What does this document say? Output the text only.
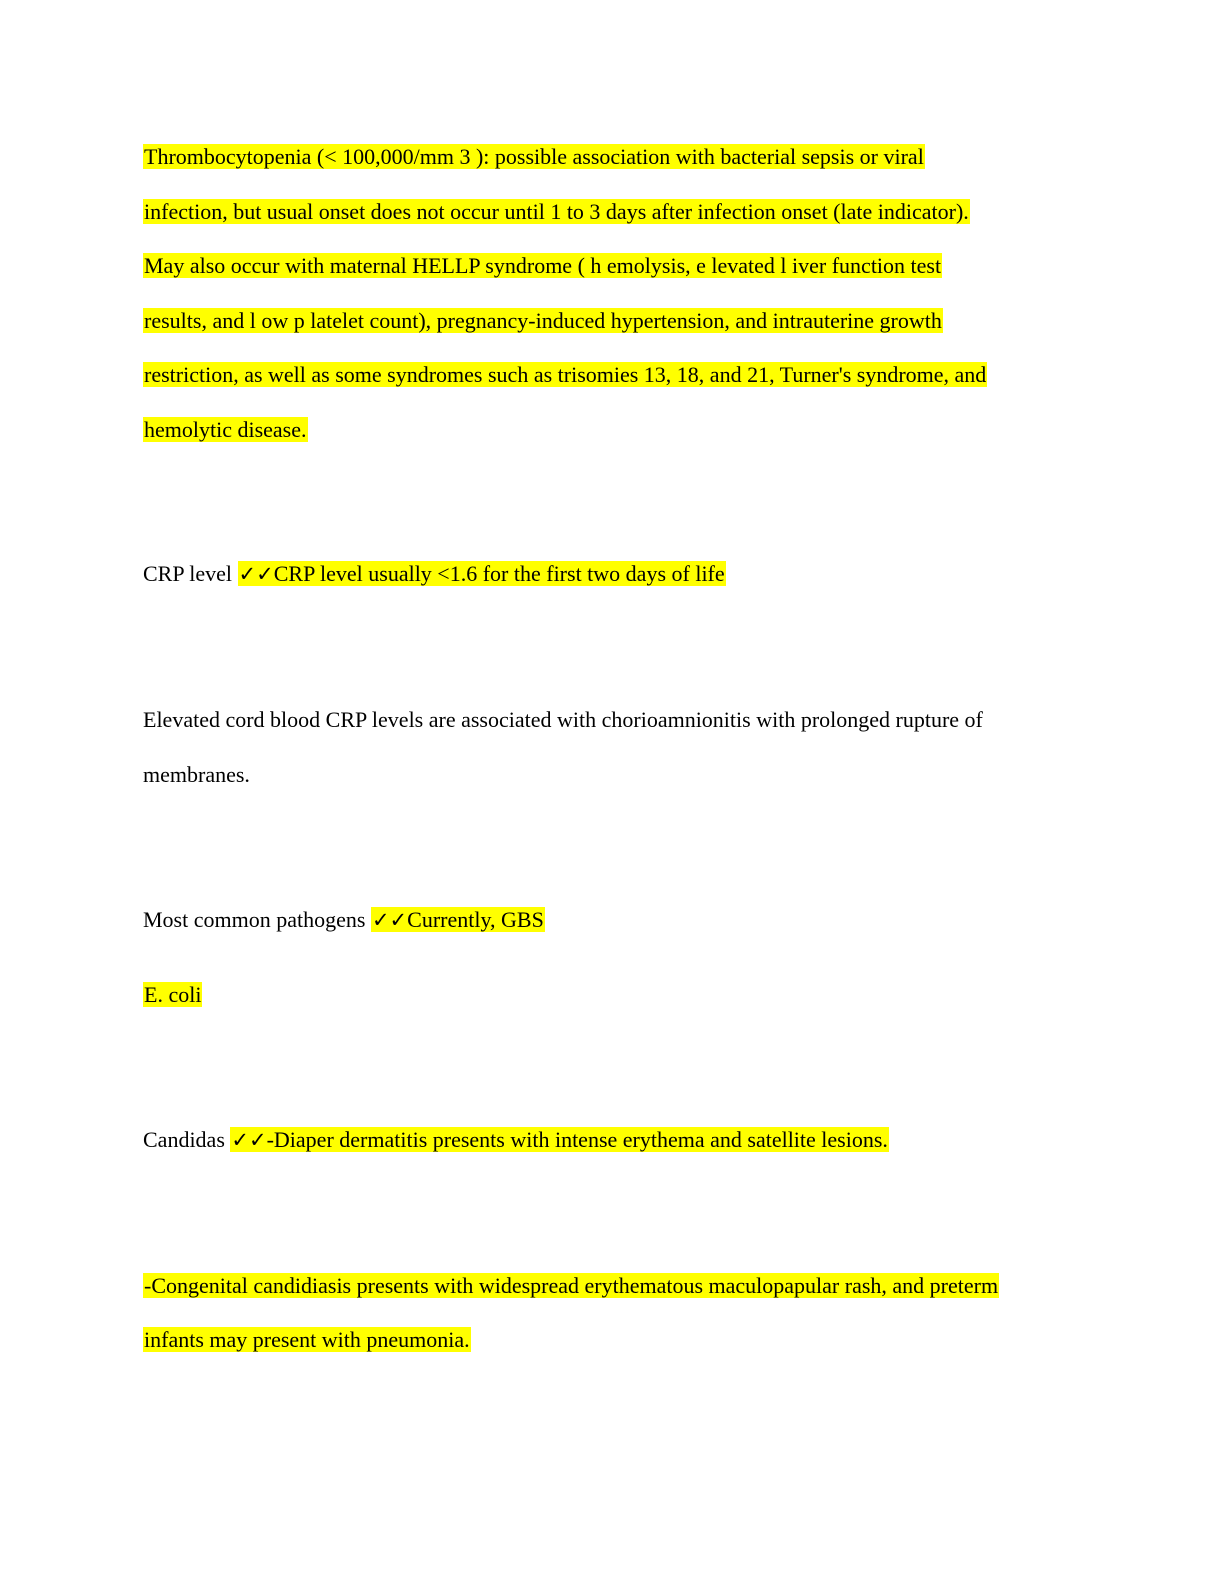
Thrombocytopenia (< 100,000/mm 3 ): possible association with bacterial sepsis or viral
infection, but usual onset does not occur until 1 to 3 days after infection onset (late indicator).
May also occur with maternal HELLP syndrome ( h emolysis, e levated l iver function test
results, and l ow p latelet count), pregnancy-induced hypertension, and intrauterine growth
restriction, as well as some syndromes such as trisomies 13, 18, and 21, Turner's syndrome, and
hemolytic disease.
CRP level ✓✓CRP level usually <1.6 for the first two days of life
Elevated cord blood CRP levels are associated with chorioamnionitis with prolonged rupture of
membranes.
Most common pathogens ✓✓Currently, GBS
E. coli
Candidas ✓✓-Diaper dermatitis presents with intense erythema and satellite lesions.
-Congenital candidiasis presents with widespread erythematous maculopapular rash, and preterm
infants may present with pneumonia.
